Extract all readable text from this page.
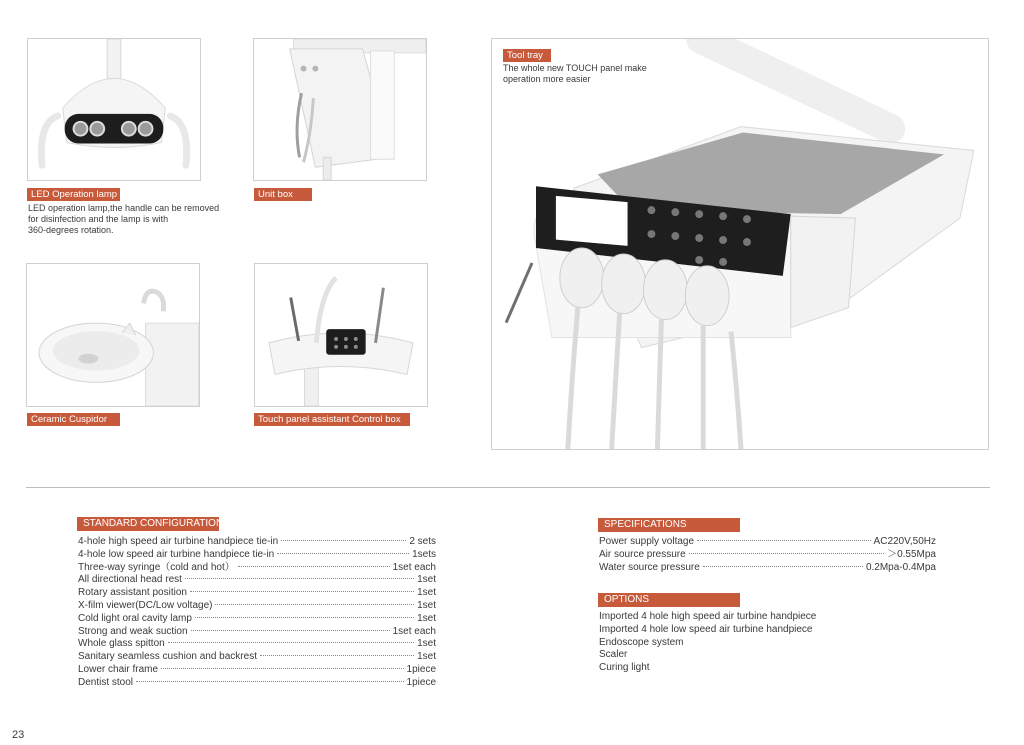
LED Operation lamp
LED operation lamp,the handle can be removed
for disinfection and the lamp is with
360-degrees rotation.
Unit box
Ceramic Cuspidor	Touch panel assistant Control box
Tool tray
The whole new TOUCH panel make
operation more easier
STANDARD CONFIGURATION
4-hole high speed air turbine handpiece tie-in	2 sets
4-hole low speed air turbine handpiece tie-in	1sets
Three-way syringe（cold and hot）	1set each
All directional head rest	1set
Rotary assistant position	1set
X-film viewer(DC/Low voltage)	1set
Cold light oral cavity lamp	1set
Strong and weak suction	1set each
Whole glass spitton	1set
Sanitary seamless cushion and backrest	1set
Lower chair frame	1piece
Dentist stool	1piece
SPECIFICATIONS
Power supply voltage	AC220V,50Hz
Air source pressure	＞0.55Mpa
Water source pressure	0.2Mpa-0.4Mpa
OPTIONS
Imported 4 hole high speed air turbine handpiece
Imported 4 hole low speed air turbine handpiece
Endoscope system
Scaler
Curing light
23
